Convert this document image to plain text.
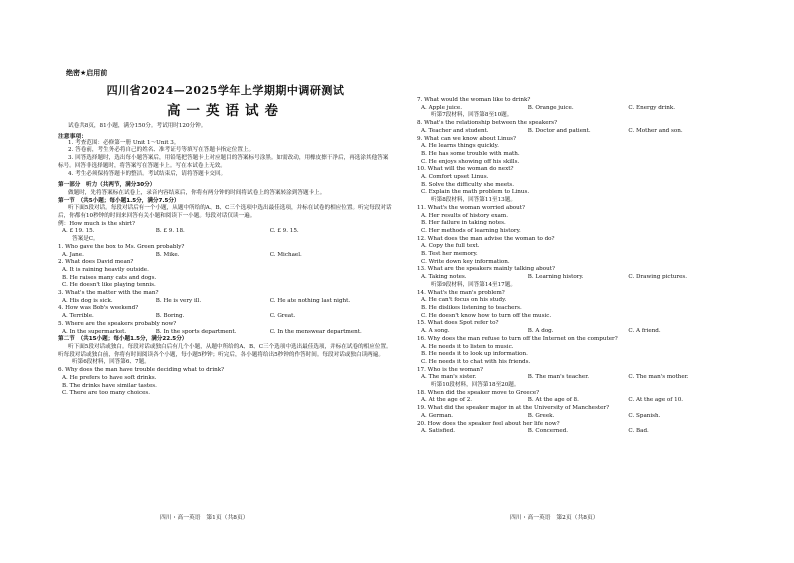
绝密★启用前
四川省2024—2025学年上学期期中调研测试
高一英语试卷
试卷共8页，81小题，满分150分。考试用时120分钟。
注意事项：
1. 考查范围：必修第一册 Unit 1～Unit 3。
2. 答卷前，考生务必将自己的姓名、准考证号等填写在答题卡指定位置上。
3. 回答选择题时，选出每小题答案后，用铅笔把答题卡上对应题目的答案标号涂黑。如需改动，用橡皮擦干净后，再选涂其他答案标号。回答非选择题时，将答案写在答题卡上。写在本试卷上无效。
4. 考生必须保持答题卡的整洁。考试结束后，请将答题卡交回。
第一部分　听力（共两节，满分30分）
做题时，先将答案标在试卷上，录音内容结束后，你将有两分钟的时间将试卷上的答案转涂到答题卡上。
第一节　（共5小题；每小题1.5分，满分7.5分）
听下面5段对话。每段对话后有一个小题，从题中所给的A、B、C三个选项中选出最佳选项，并标在试卷的相应位置。听完每段对话后，你都有10秒钟的时间来回答有关小题和阅读下一小题。每段对话仅读一遍。
例：How much is the shirt?
A. £ 19. 15.	B. £ 9. 18.	C. £ 9. 15.
答案是C。
1. Who gave the box to Ms. Green probably?
A. Jane.	B. Mike.	C. Michael.
2. What does David mean?
A. It is raining heavily outside.
B. He raises many cats and dogs.
C. He doesn't like playing tennis.
3. What's the matter with the man?
A. His dog is sick.	B. He is very ill.	C. He ate nothing last night.
4. How was Bob's weekend?
A. Terrible.	B. Boring.	C. Great.
5. Where are the speakers probably now?
A. In the supermarket.	B. In the sports department.	C. In the menswear department.
第二节　（共15小题；每小题1.5分，满分22.5分）
听下面5段对话或独白。每段对话或独白后有几个小题，从题中所给的A、B、C三个选项中选出最佳选项，并标在试卷的相应位置。听每段对话或独白前，你将有时间阅读各个小题，每小题5秒钟；听完后，各小题将给出5秒钟的作答时间。每段对话或独白读两遍。
听第6段材料，回答第6、7题。
6. Why does the man have trouble deciding what to drink?
A. He prefers to have soft drinks.
B. The drinks have similar tastes.
C. There are too many choices.
7. What would the woman like to drink?
A. Apple juice.	B. Orange juice.	C. Energy drink.
听第7段材料，回答第8至10题。
8. What's the relationship between the speakers?
A. Teacher and student.	B. Doctor and patient.	C. Mother and son.
9. What can we know about Linus?
A. He learns things quickly.
B. He has some trouble with math.
C. He enjoys showing off his skills.
10. What will the woman do next?
A. Comfort upset Linus.
B. Solve the difficulty she meets.
C. Explain the math problem to Linus.
听第8段材料，回答第11至13题。
11. What's the woman worried about?
A. Her results of history exam.
B. Her failure in taking notes.
C. Her methods of learning history.
12. What does the man advise the woman to do?
A. Copy the full text.
B. Test her memory.
C. Write down key information.
13. What are the speakers mainly talking about?
A. Taking notes.	B. Learning history.	C. Drawing pictures.
听第9段材料，回答第14至17题。
14. What's the man's problem?
A. He can't focus on his study.
B. He dislikes listening to teachers.
C. He doesn't know how to turn off the music.
15. What does Spot refer to?
A. A song.	B. A dog.	C. A friend.
16. Why does the man refuse to turn off the Internet on the computer?
A. He needs it to listen to music.
B. He needs it to look up information.
C. He needs it to chat with his friends.
17. Who is the woman?
A. The man's sister.	B. The man's teacher.	C. The man's mother.
听第10段材料，回答第18至20题。
18. When did the speaker move to Greece?
A. At the age of 2.	B. At the age of 8.	C. At the age of 10.
19. What did the speaker major in at the University of Manchester?
A. German.	B. Greek.	C. Spanish.
20. How does the speaker feel about her life now?
A. Satisfied.	B. Concerned.	C. Bad.
四川・高一英语　第1页（共8页）	四川・高一英语　第2页（共8页）
